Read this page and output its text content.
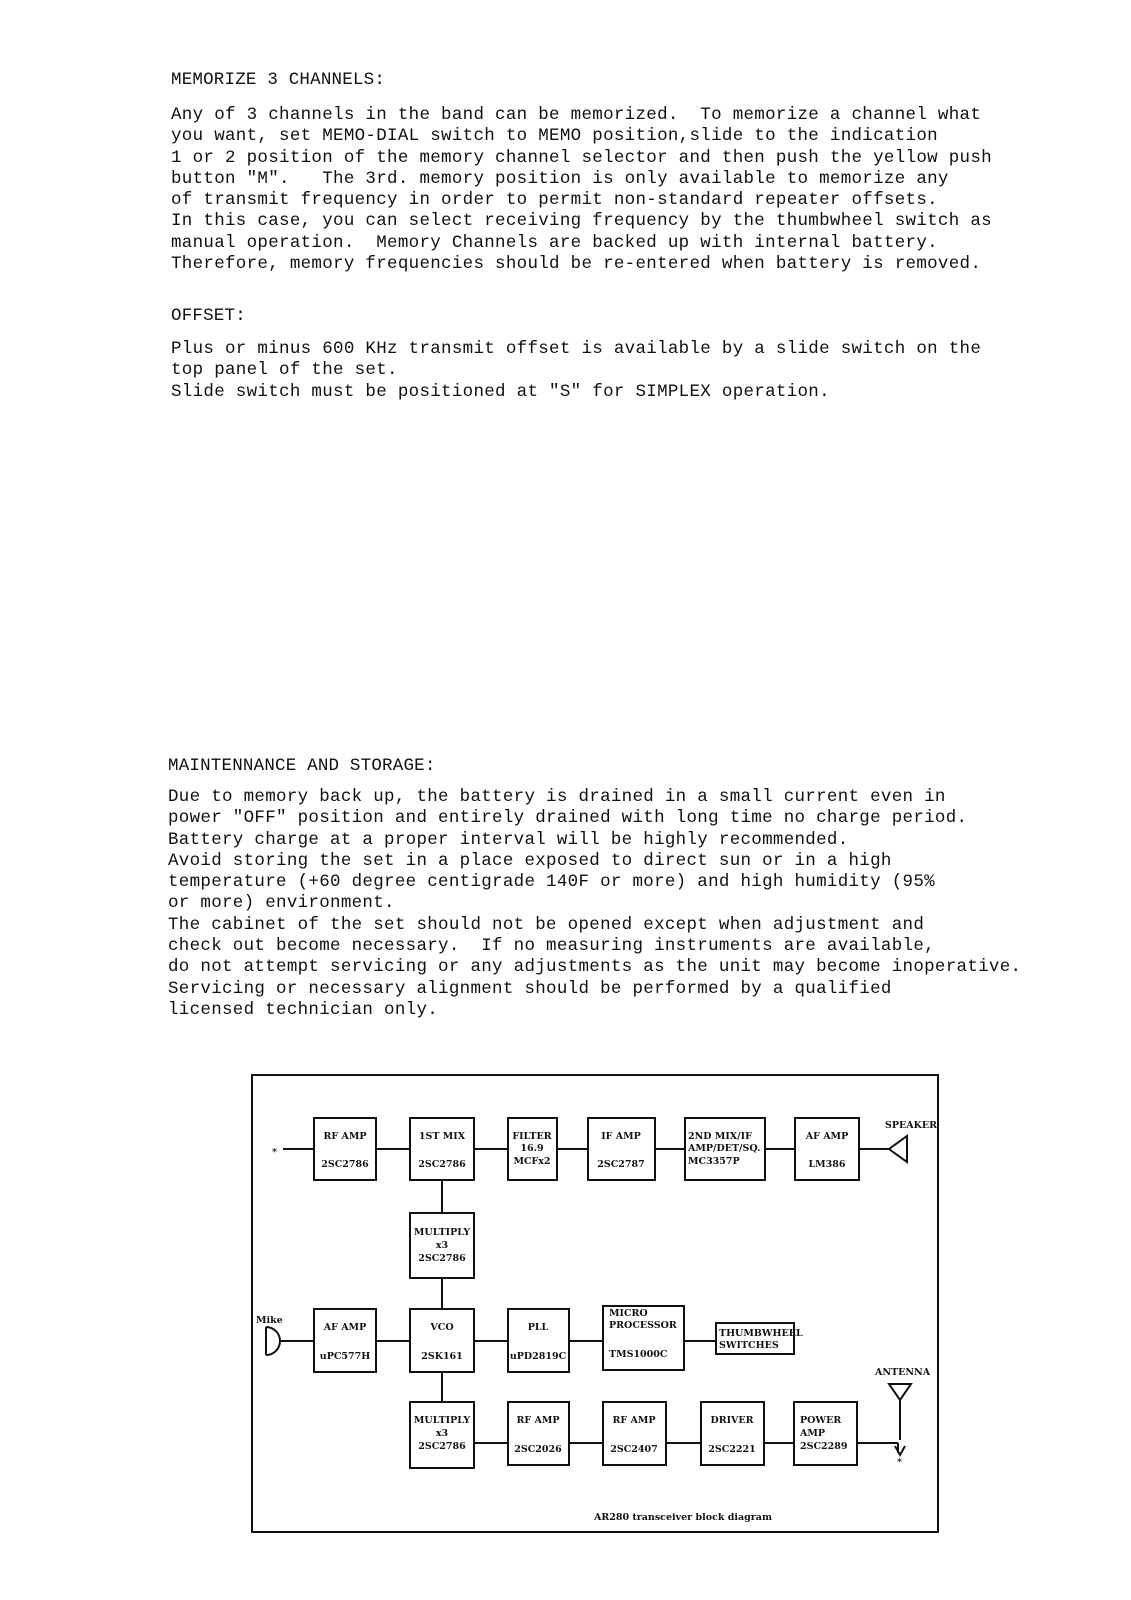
MEMORIZE 3 CHANNELS:

Any of 3 channels in the band can be memorized.  To memorize a channel what
you want, set MEMO-DIAL switch to MEMO position,slide to the indication
1 or 2 position of the memory channel selector and then push the yellow push
button "M".   The 3rd. memory position is only available to memorize any
of transmit frequency in order to permit non-standard repeater offsets.
In this case, you can select receiving frequency by the thumbwheel switch as
manual operation.  Memory Channels are backed up with internal battery.
Therefore, memory frequencies should be re-entered when battery is removed.

OFFSET:

Plus or minus 600 KHz transmit offset is available by a slide switch on the
top panel of the set.
Slide switch must be positioned at "S" for SIMPLEX operation.

MAINTENNANCE AND STORAGE:

Due to memory back up, the battery is drained in a small current even in
power "OFF" position and entirely drained with long time no charge period.
Battery charge at a proper interval will be highly recommended.
Avoid storing the set in a place exposed to direct sun or in a high
temperature (+60 degree centigrade 140F or more) and high humidity (95%
or more) environment.
The cabinet of the set should not be opened except when adjustment and
check out become necessary.  If no measuring instruments are available,
do not attempt servicing or any adjustments as the unit may become inoperative.
Servicing or necessary alignment should be performed by a qualified
licensed technician only.

RF AMP
2SC2786
1ST MIX
2SC2786
FILTER
16.9
MCFx2
IF AMP
2SC2787
2ND MIX/IF
AMP/DET/SQ.
MC3357P
AF AMP
LM386
MULTIPLY
x3
2SC2786
AF AMP
uPC577H
VCO
2SK161
PLL
uPD2819C
MICRO
PROCESSOR
TMS1000C
THUMBWHEEL
SWITCHES
MULTIPLY
x3
2SC2786
RF AMP
2SC2026
RF AMP
2SC2407
DRIVER
2SC2221
POWER
AMP
2SC2289
SPEAKER
*
Mike
ANTENNA
*
AR280 transceiver block diagram
